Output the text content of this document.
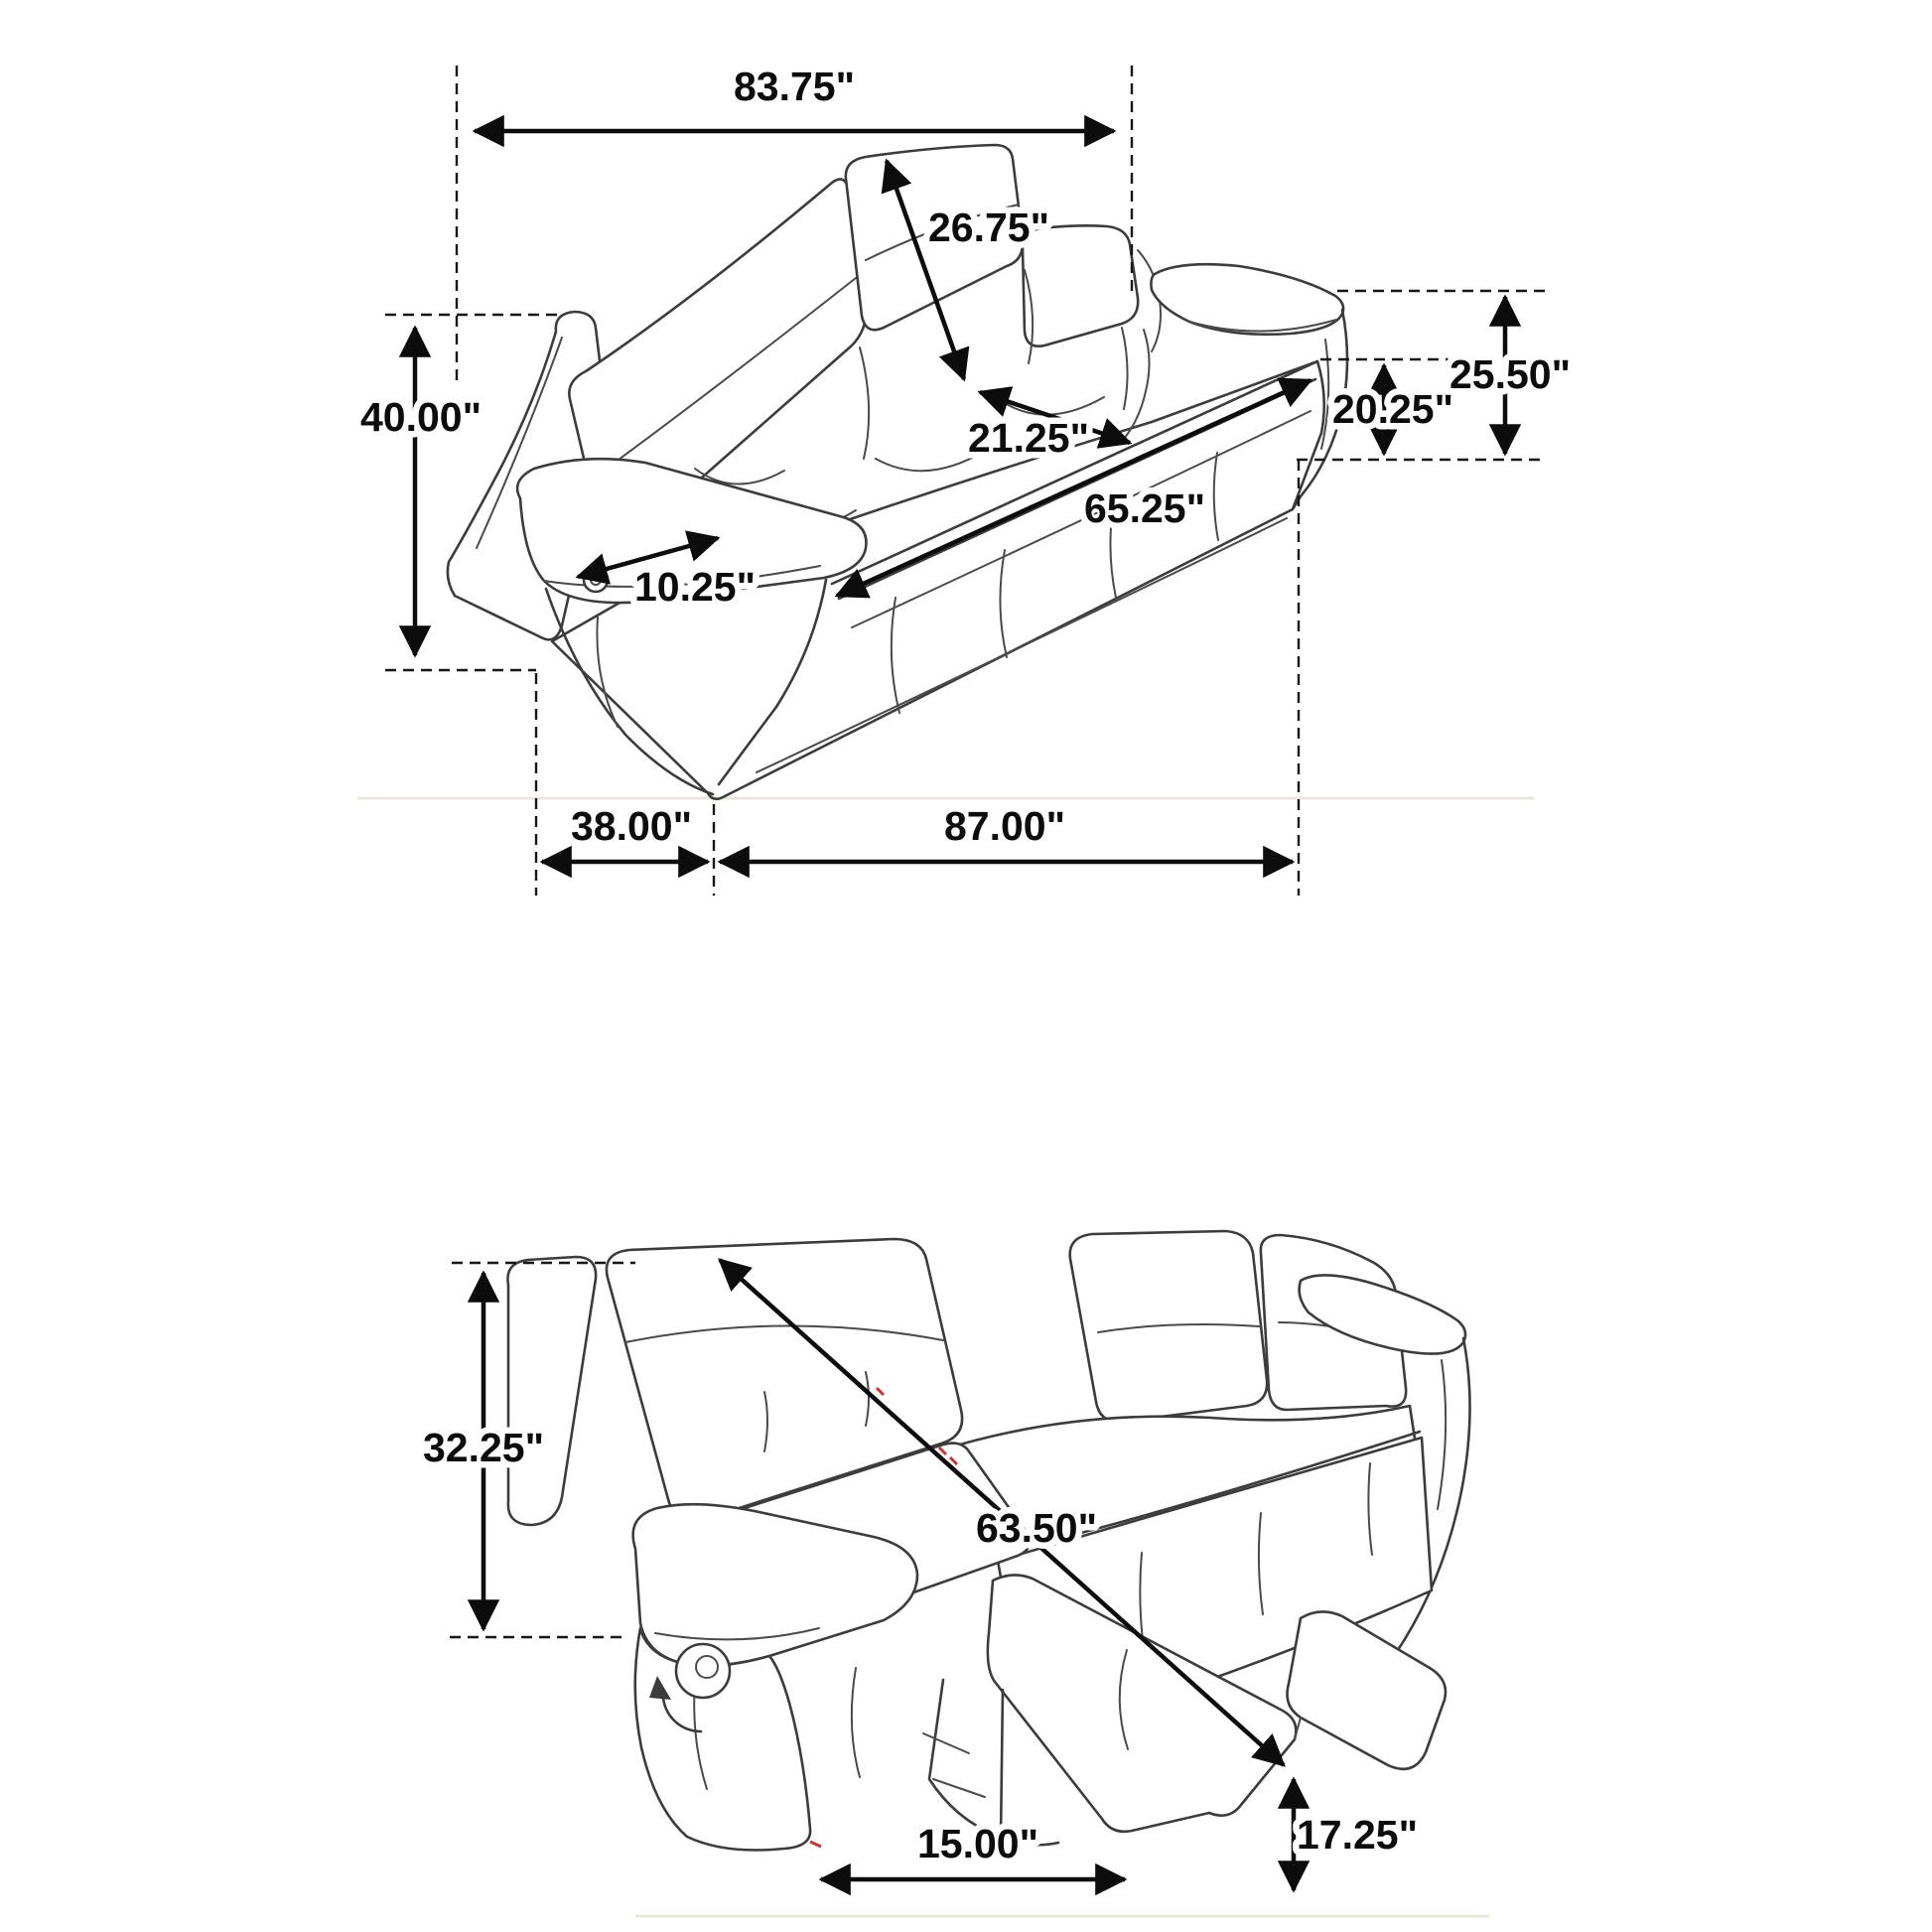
83.75"
40.00"
26.75"
21.25"
10.25"
65.25"
25.50"
20.25"
38.00"	87.00"
32.25"
63.50"
15.00"	17.25"
